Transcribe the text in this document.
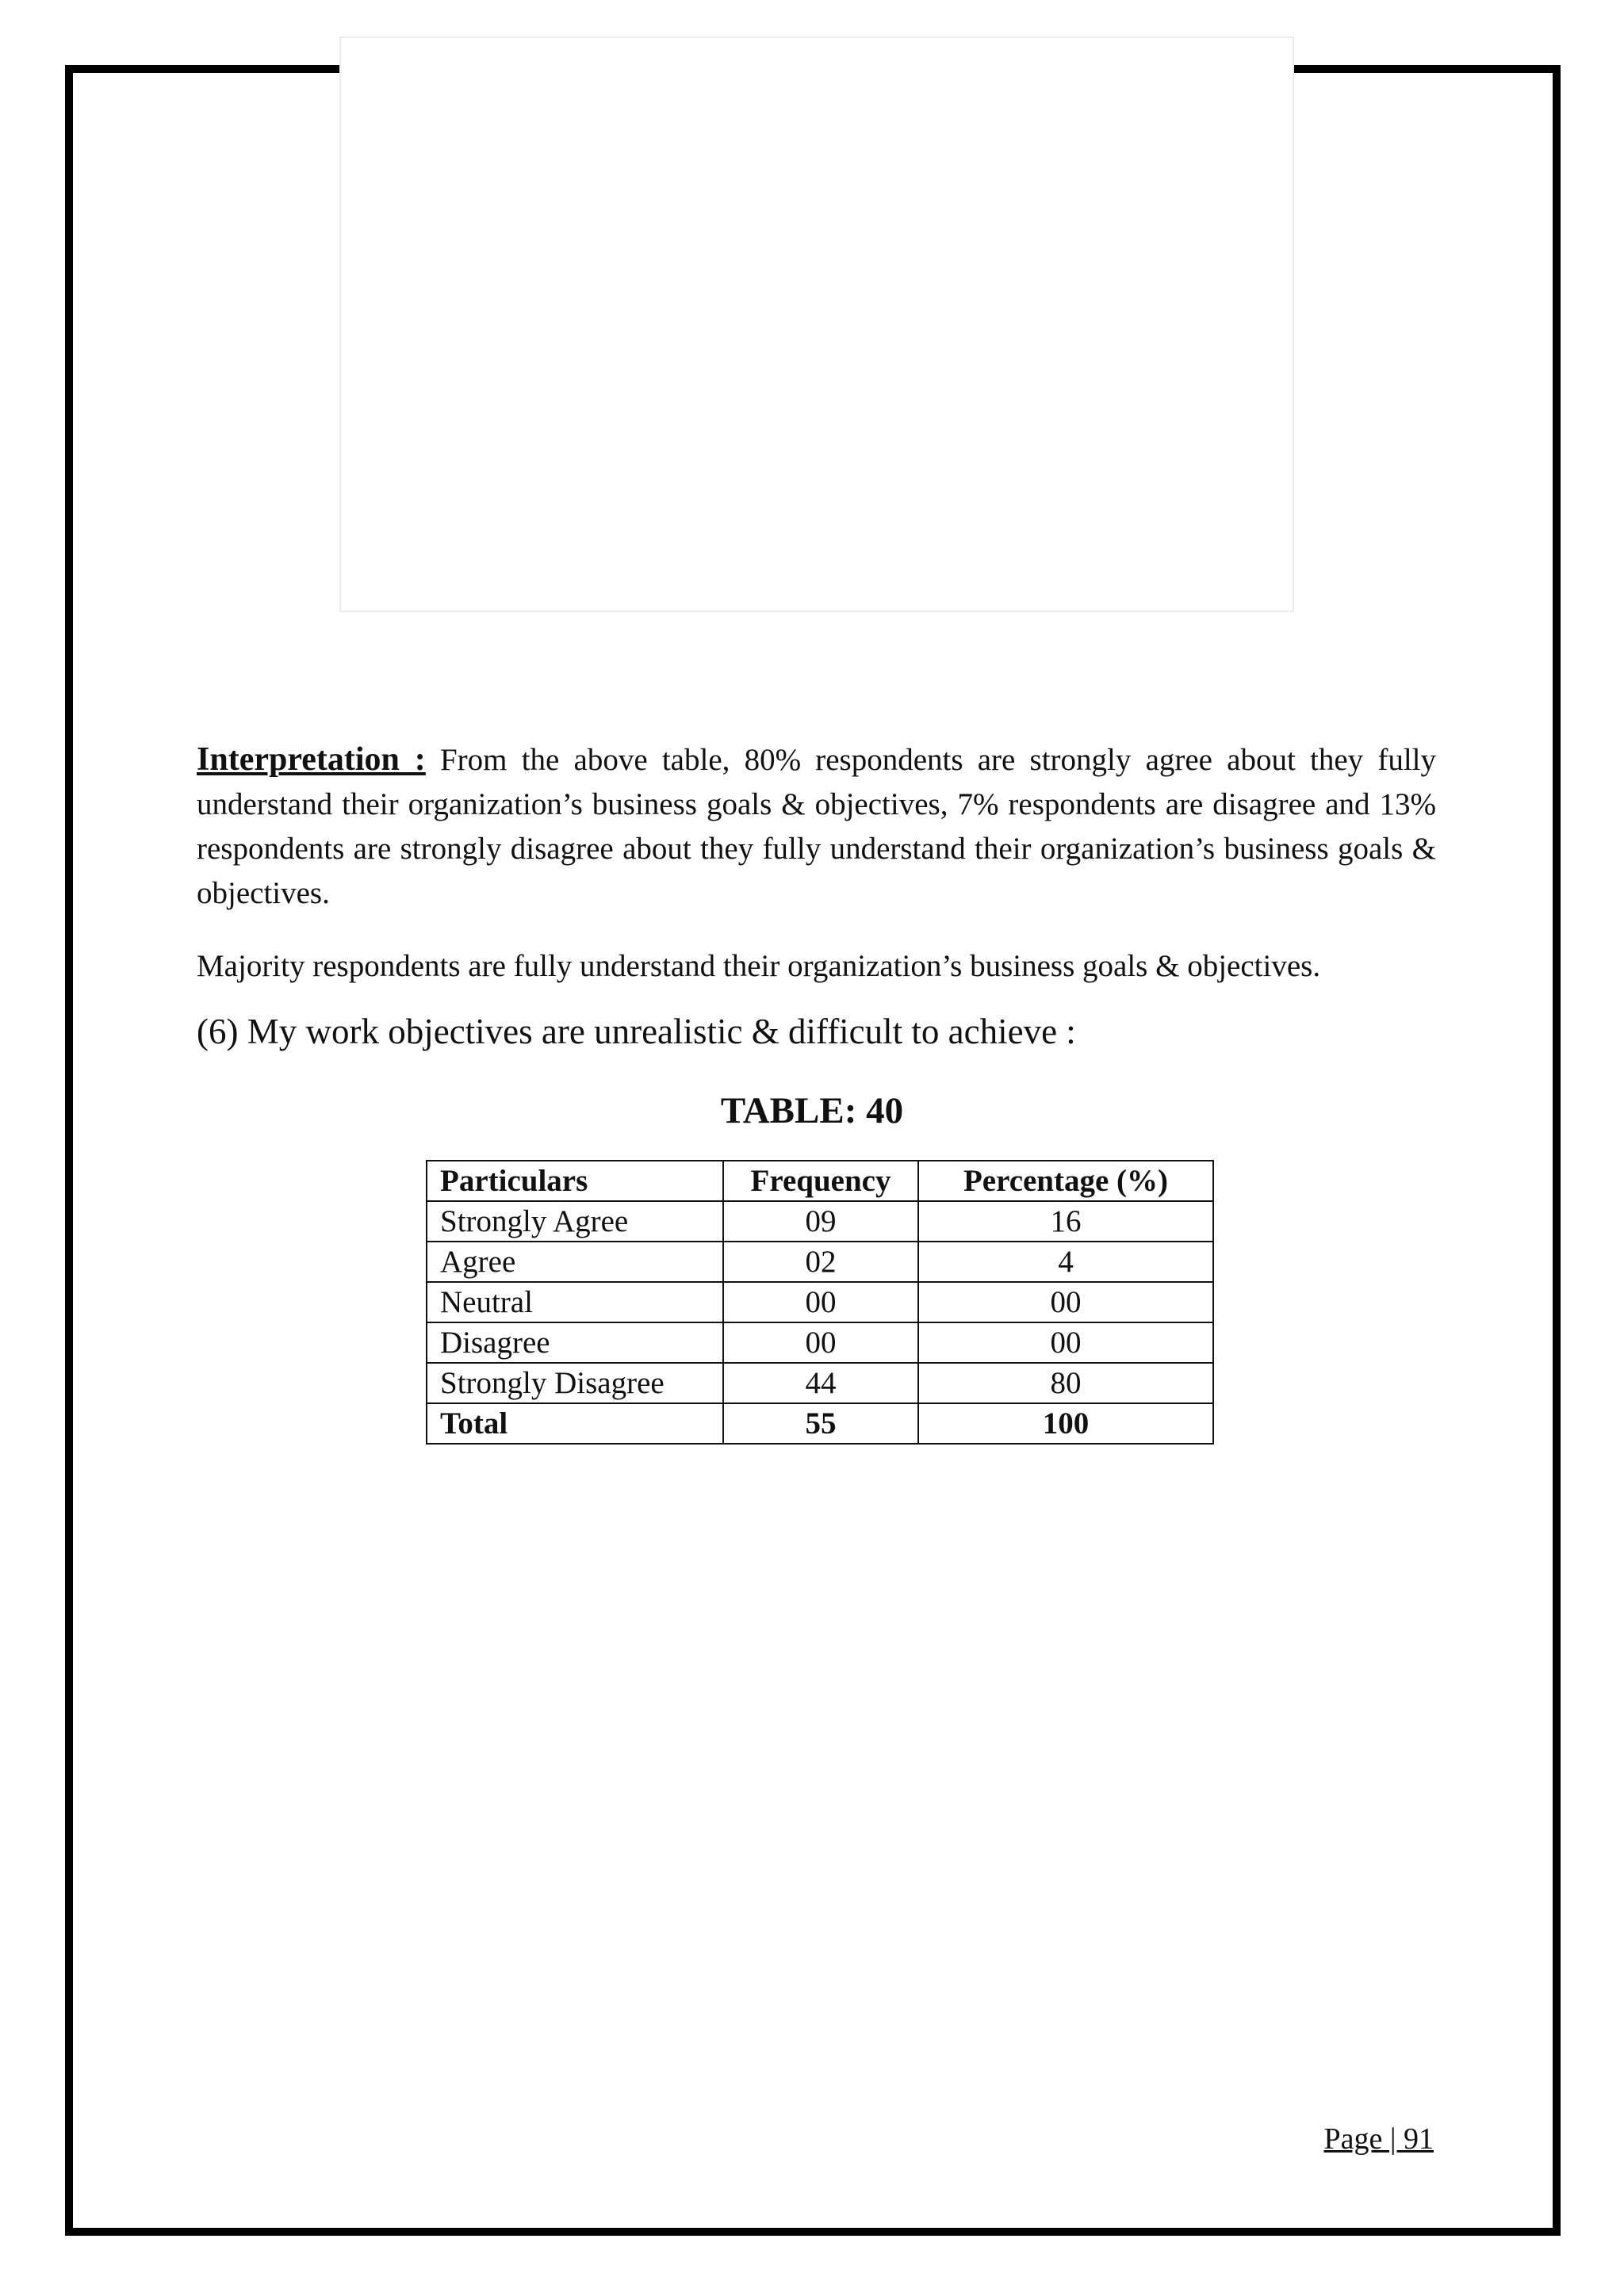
Interpretation : From the above table, 80% respondents are strongly agree about they fully understand their organization’s business goals & objectives, 7% respondents are disagree and 13% respondents are strongly disagree about they fully understand their organization’s business goals & objectives.

Majority respondents are fully understand their organization’s business goals & objectives.

(6) My work objectives are unrealistic & difficult to achieve :

TABLE: 40

Particulars	Frequency	Percentage (%)
Strongly Agree	09	16
Agree	02	4
Neutral	00	00
Disagree	00	00
Strongly Disagree	44	80
Total	55	100
Page | 91
